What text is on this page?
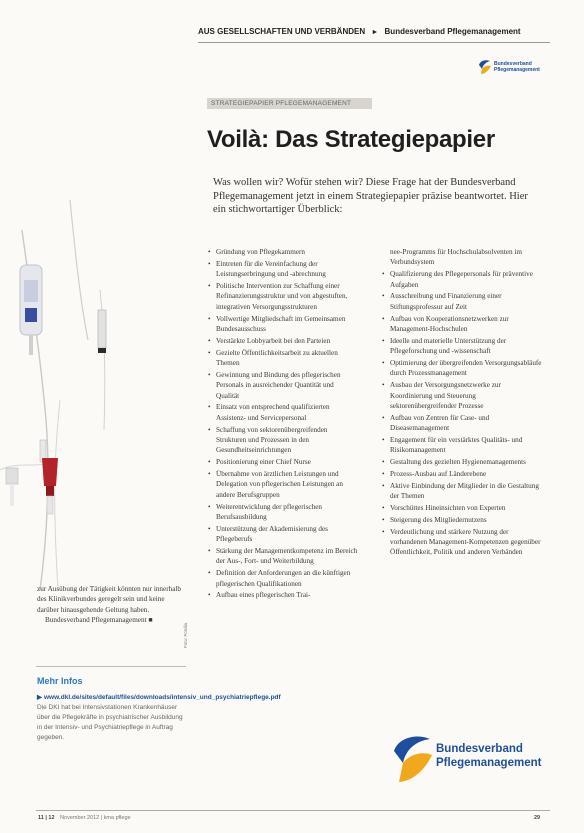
AUS GESELLSCHAFTEN UND VERBÄNDEN ► Bundesverband Pflegemanagement
Bundesverband
Pflegemanagement
STRATEGIEPAPIER PFLEGEMANAGEMENT
Voilà: Das Strategiepapier

Was wollen wir? Wofür stehen wir? Diese Frage hat der Bundesverband Pflegemanagement jetzt in einem Strategiepapier präzise beantwortet. Hier ein stichwortartiger Überblick:

• Gründung von Pflegekammern
• Eintreten für die Vereinfachung der Leistungserbringung und -abrechnung
• Politische Intervention zur Schaffung einer Refinanzierungsstruktur und von abgestuften, integrativen Versorgungsstrukturen
• Vollwertige Mitgliedschaft im Gemeinsamen Bundesausschuss
• Verstärkte Lobbyarbeit bei den Parteien
• Gezielte Öffentlichkeitsarbeit zu aktuellen Themen
• Gewinnung und Bindung des pflegerischen Personals in ausreichender Quantität und Qualität
• Einsatz von entsprechend qualifizierten Assistenz- und Servicepersonal
• Schaffung von sektorenübergreifenden Strukturen und Prozessen in den Gesundheitseinrichtungen
• Positionierung einer Chief Nurse
• Übernahme von ärztlichen Leistungen und Delegation von pflegerischen Leistungen an andere Berufsgruppen
• Weiterentwicklung der pflegerischen Berufsausbildung
• Unterstützung der Akademisierung des Pflegeberufs
• Stärkung der Managementkompetenz im Bereich der Aus-, Fort- und Weiterbildung
• Definition der Anforderungen an die künftigen pflegerischen Qualifikationen
• Aufbau eines pflegerischen Trai-
nee-Programms für Hochschulabsolventen im Verbundsystem
• Qualifizierung des Pflegepersonals für präventive Aufgaben
• Ausschreibung und Finanzierung einer Stiftungsprofessur auf Zeit
• Aufbau von Kooperationsnetzwerken zur Management-Hochschulen
• Ideelle und materielle Unterstützung der Pflegeforschung und -wissenschaft
• Optimierung der übergreifenden Versorgungsabläufe durch Prozessmanagement
• Ausbau der Versorgungsnetzwerke zur Koordinierung und Steuerung sektorenübergreifender Prozesse
• Aufbau von Zentren für Case- und Diseasemanagement
• Engagement für ein verstärktes Qualitäts- und Risikomanagement
• Gestaltung des gezielten Hygienemanagements
• Prozess-Ausbau auf Länderebene
• Aktive Einbindung der Mitglieder in die Gestaltung der Themen
• Vorschüttes Hineinsichten von Experten
• Steigerung des Mitgliedernutzens
• Verdeutlichung und stärkere Nutzung der vorhandenen Management-Kompetenzen gegenüber Öffentlichkeit, Politik und anderen Verbänden

zur Ausübung der Tätigkeit könnten nur innerhalb des Klinikverbundes geregelt sein und keine darüber hinausgehende Geltung haben.

Bundesverband Pflegemanagement ■

Foto: Fotolia
Mehr Infos
▶ www.dkl.de/sites/default/files/downloads/intensiv_und_psychiatriepflege.pdf
Die DKI hat bei Intensivstationen Krankenhäuser über die Pflegekräfte in psychiatrischer Ausbildung in der Intensiv- und Psychiatriepflege in Auftrag gegeben.
Bundesverband
Pflegemanagement
11 | 12 November 2012 | kma pflege	29
